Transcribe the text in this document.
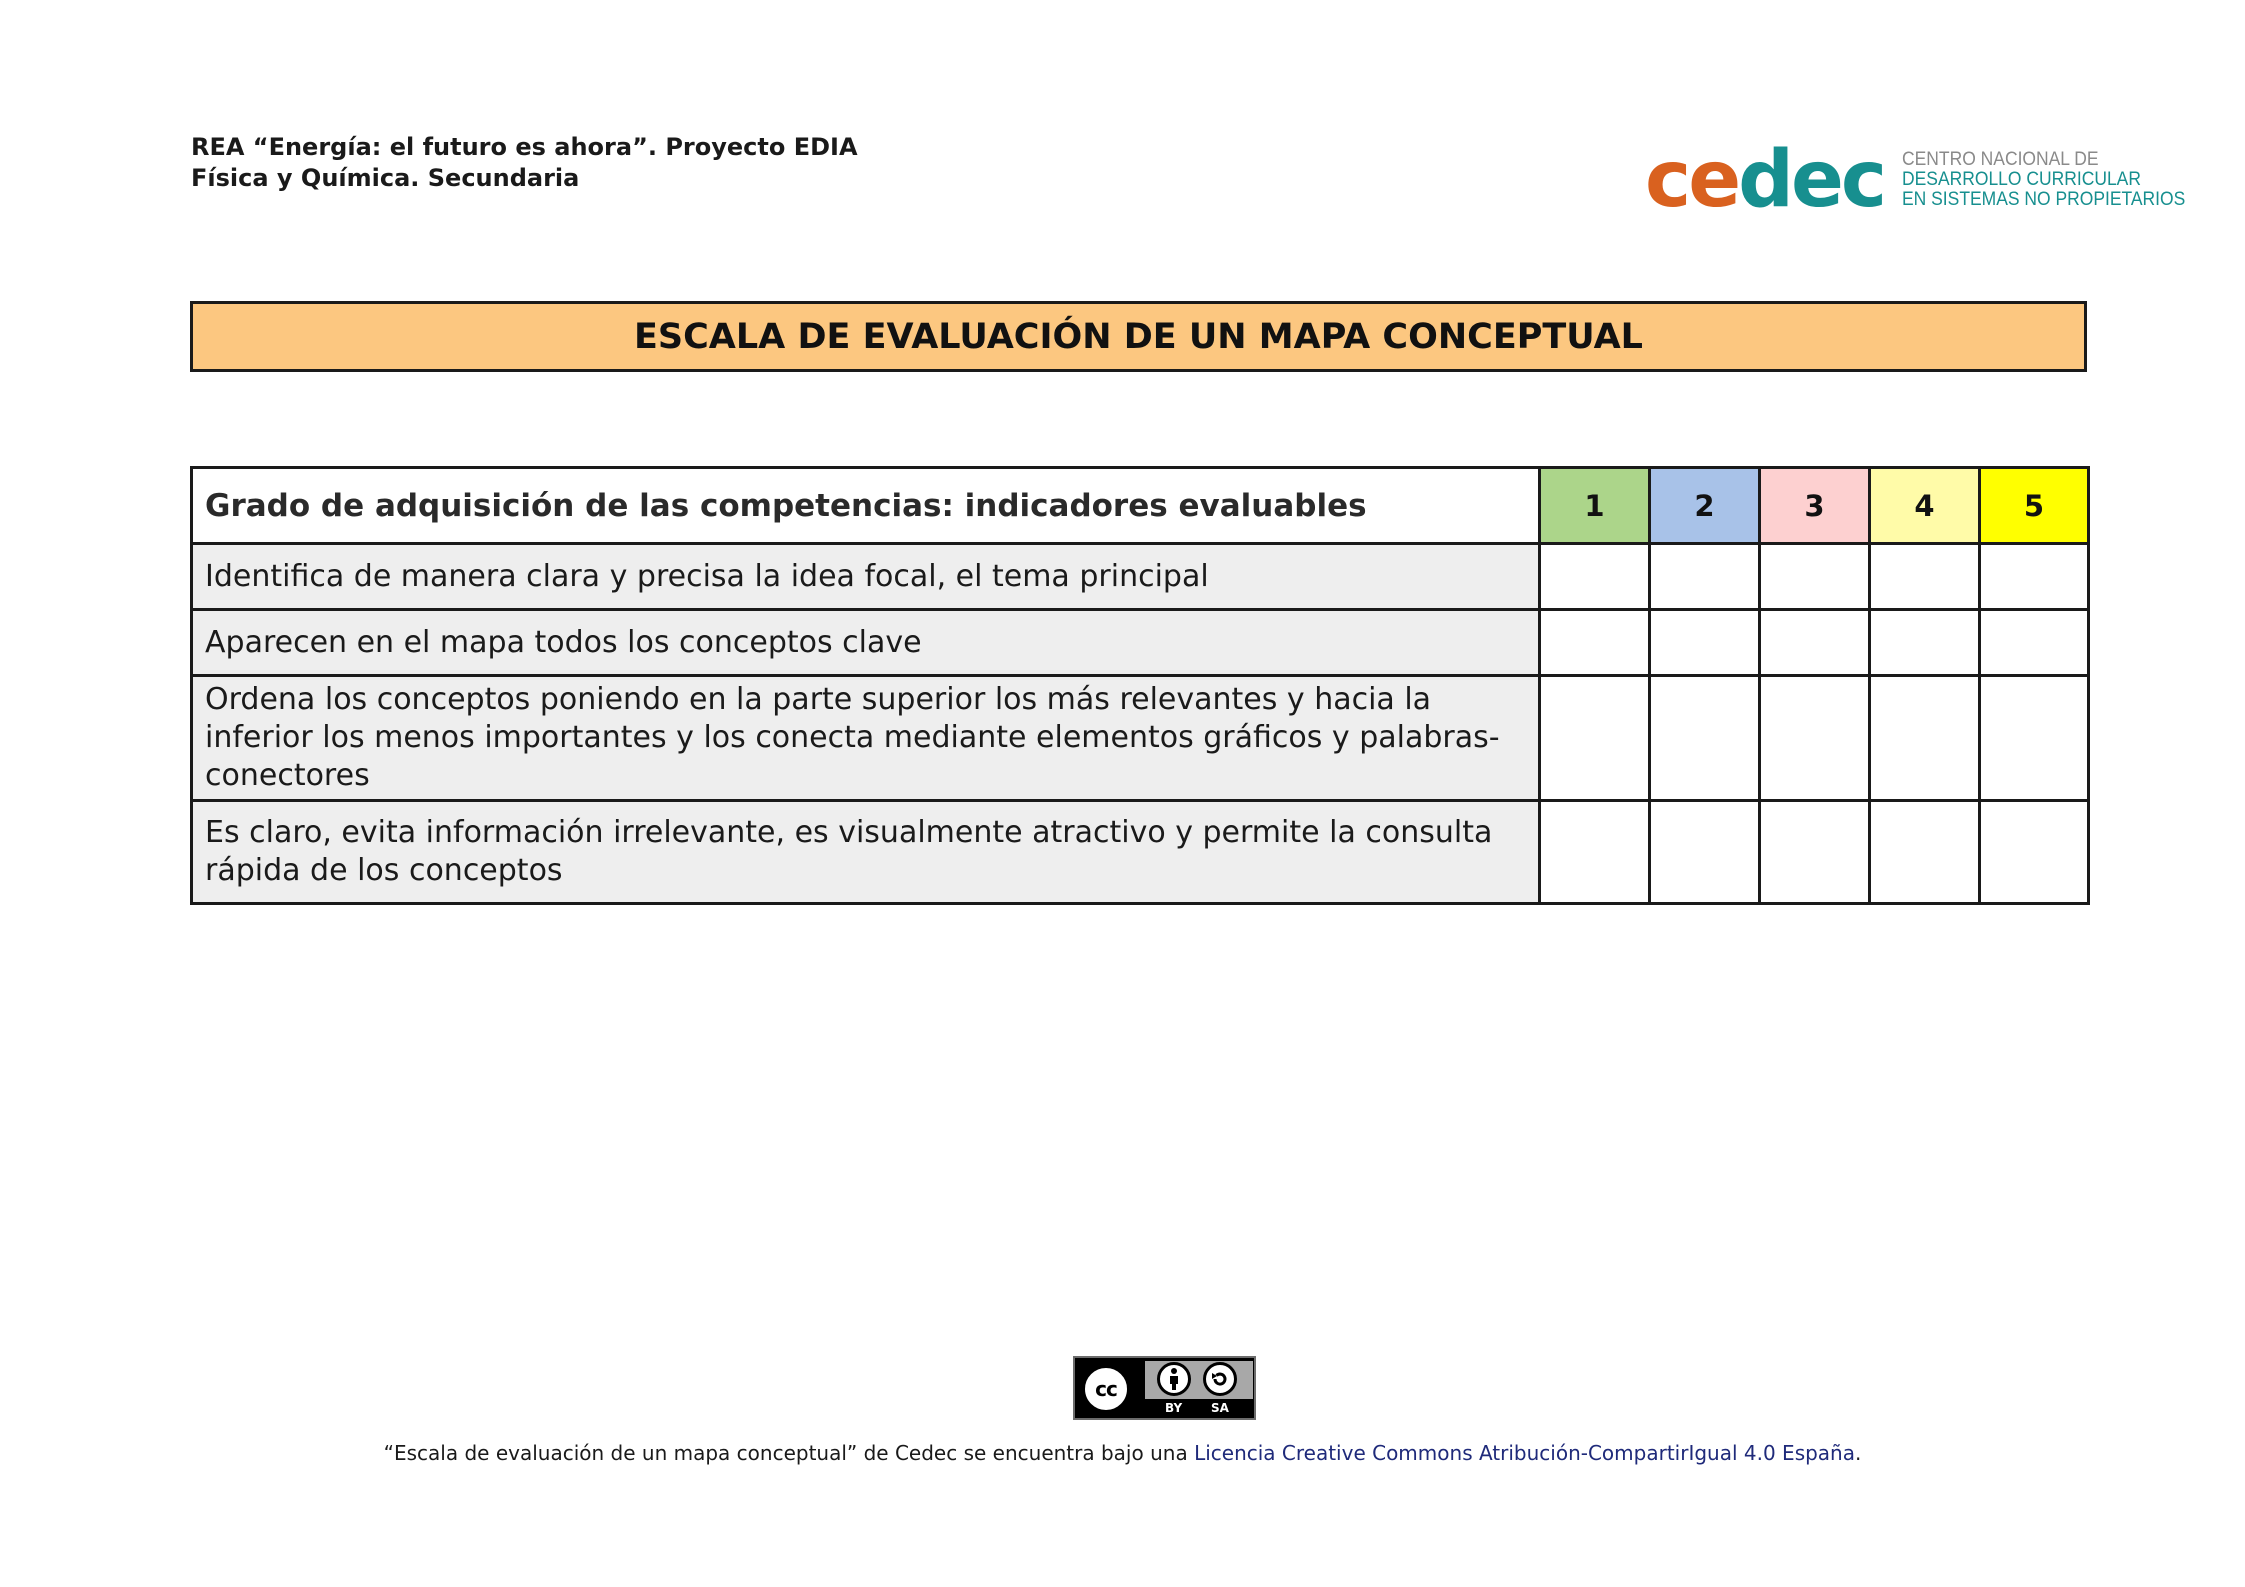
REA “Energía: el futuro es ahora”. Proyecto EDIA
Física y Química. Secundaria	ce dec CENTRO NACIONAL DE
DESARROLLO CURRICULAR
EN SISTEMAS NO PROPIETARIOS
ESCALA DE EVALUACIÓN DE UN MAPA CONCEPTUAL
Grado de adquisición de las competencias: indicadores evaluables	1	2	3	4	5
Identifica de manera clara y precisa la idea focal, el tema principal					
Aparecen en el mapa todos los conceptos clave					
Ordena los conceptos poniendo en la parte superior los más relevantes y hacia la inferior los menos importantes y los conecta mediante elementos gráficos y palabras-conectores					
Es claro, evita información irrelevante, es visualmente atractivo y permite la consulta rápida de los conceptos					
cc
BY SA
“Escala de evaluación de un mapa conceptual” de Cedec se encuentra bajo una Licencia Creative Commons Atribución-CompartirIgual 4.0 España.
